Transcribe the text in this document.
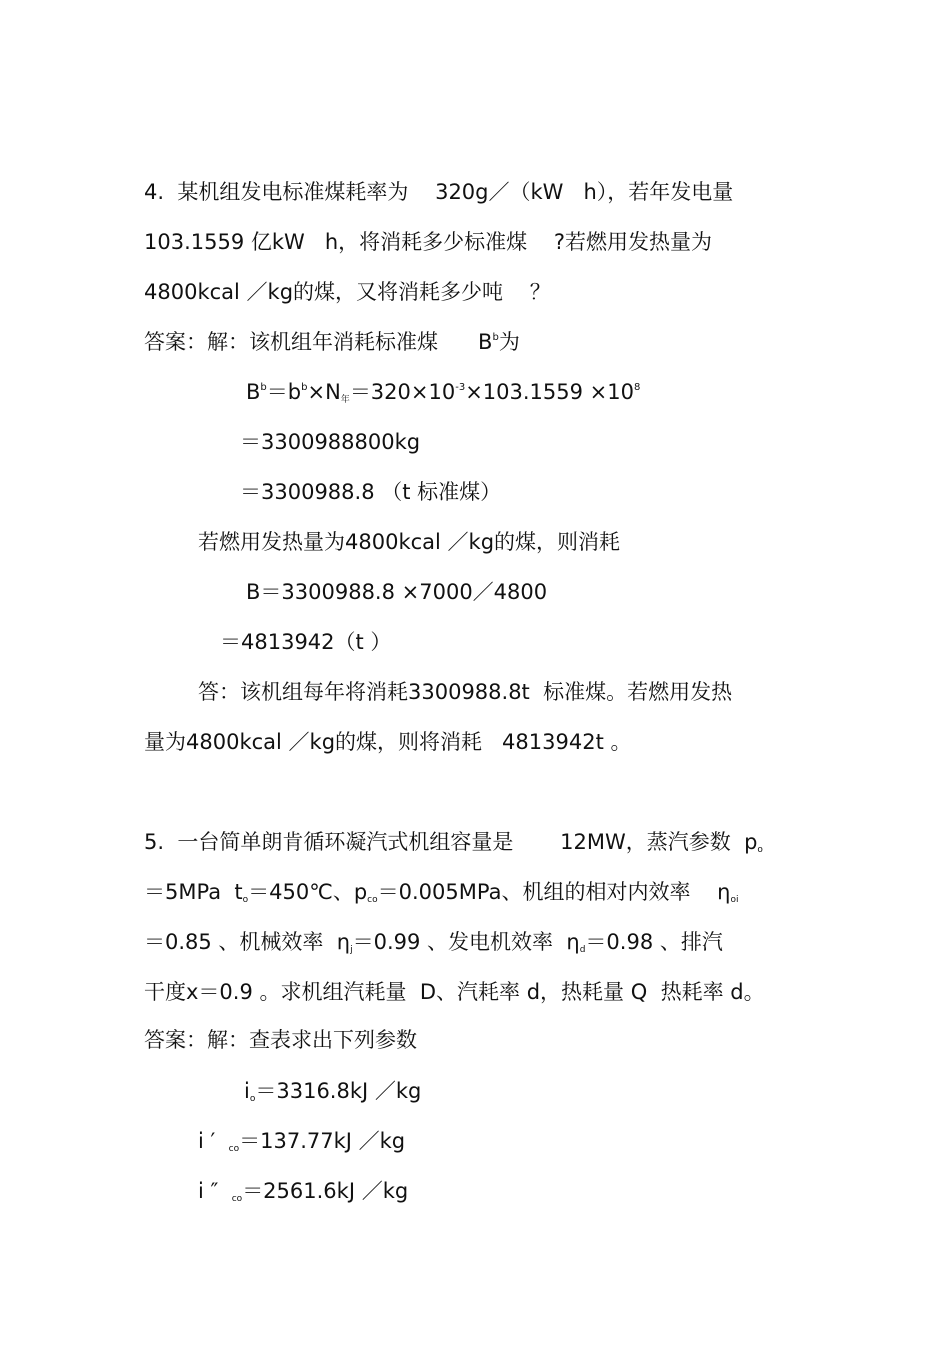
4.  某机组发电标准煤耗率为    320g／（kW   h），若年发电量
103.1559 亿kW   h，将消耗多少标准煤    ?若燃用发热量为
4800kcal ／kg的煤，又将消耗多少吨    ？
答案：解：该机组年消耗标准煤      $B^b$为
$B^b=b^b\times N_年=320\times 10^{-3}\times 103.1559 \times 10^8$
＝3300988800kg
＝3300988.8 （t 标准煤）
若燃用发热量为4800kcal ／kg的煤，则消耗
B＝3300988.8 ×7000／4800
＝4813942（t ）
答：该机组每年将消耗3300988.8t  标准煤。若燃用发热
量为4800kcal ／kg的煤，则将消耗   4813942t 。
5.  一台简单朗肯循环凝汽式机组容量是       12MW，蒸汽参数  $p_o$
＝5MPa  $t_o=450℃$、$p_{co}=0.005MPa$、机组的相对内效率    $\eta_{oi}$
＝0.85 、机械效率  $\eta_j=0.99$ 、发电机效率  $\eta_d=0.98$ 、排汽
干度x＝0.9 。求机组汽耗量  D、汽耗率 d，热耗量 Q  热耗率 d。
答案：解：查表求出下列参数
$i_o=3316.8kJ$ ／kg
i ′  $_{co}$＝137.77kJ ／kg
i ″  $_{co}$＝2561.6kJ ／kg
